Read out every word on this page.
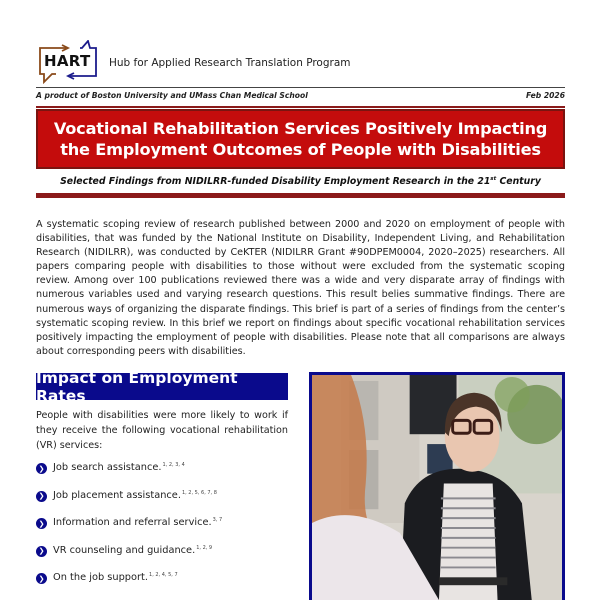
HART Hub for Applied Research Translation Program
A product of Boston University and UMass Chan Medical School	Feb 2026
Vocational Rehabilitation Services Positively Impacting
the Employment Outcomes of People with Disabilities
Selected Findings from NIDILRR-funded Disability Employment Research in the 21st Century

A systematic scoping review of research published between 2000 and 2020 on employment of people with disabilities, that was funded by the National Institute on Disability, Independent Living, and Rehabilitation Research (NIDILRR), was conducted by CeKTER (NIDILRR Grant #90DPEM0004, 2020–2025) researchers. All papers comparing people with disabilities to those without were excluded from the systematic scoping review. Among over 100 publications reviewed there was a wide and very disparate array of findings with numerous variables used and varying research questions. This result belies summative findings. There are numerous ways of organizing the disparate findings. This brief is part of a series of findings from the center’s systematic scoping review. In this brief we report on findings about specific vocational rehabilitation services positively impacting the employment of people with disabilities. Please note that all comparisons are always about corresponding peers with disabilities.

Impact on Employment Rates

People with disabilities were more likely to work if they receive the following vocational rehabilitation (VR) services:

❯ Job search assistance.$^{1, 2, 3, 4}$
❯ Job placement assistance.$^{1, 2, 5, 6, 7, 8}$
❯ Information and referral service.$^{3, 7}$
❯ VR counseling and guidance.$^{1, 2, 9}$
❯ On the job support.$^{1, 2, 4, 5, 7}$
